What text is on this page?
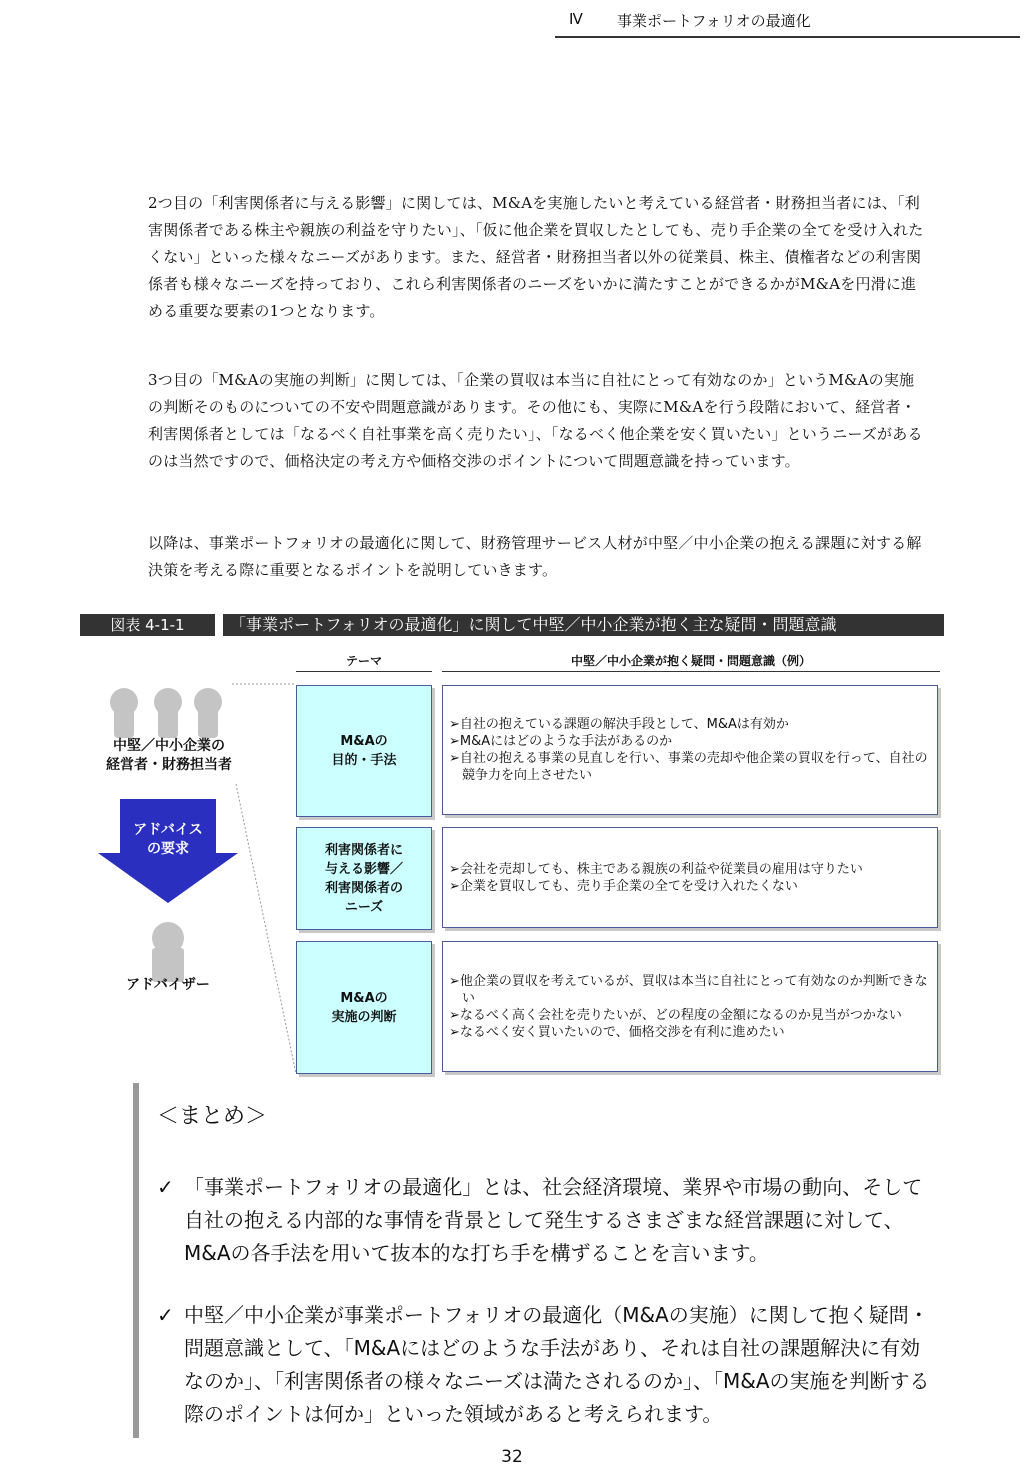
Ⅳ 事業ポートフォリオの最適化

2つ目の「利害関係者に与える影響」に関しては、M&Aを実施したいと考えている経営者・財務担当者には、「利害関係者である株主や親族の利益を守りたい」、「仮に他企業を買収したとしても、売り手企業の全てを受け入れたくない」といった様々なニーズがあります。また、経営者・財務担当者以外の従業員、株主、債権者などの利害関係者も様々なニーズを持っており、これら利害関係者のニーズをいかに満たすことができるかがM&Aを円滑に進める重要な要素の1つとなります。

3つ目の「M&Aの実施の判断」に関しては、「企業の買収は本当に自社にとって有効なのか」というM&Aの実施の判断そのものについての不安や問題意識があります。その他にも、実際にM&Aを行う段階において、経営者・利害関係者としては「なるべく自社事業を高く売りたい」、「なるべく他企業を安く買いたい」というニーズがあるのは当然ですので、価格決定の考え方や価格交渉のポイントについて問題意識を持っています。

以降は、事業ポートフォリオの最適化に関して、財務管理サービス人材が中堅／中小企業の抱える課題に対する解決策を考える際に重要となるポイントを説明していきます。

図表 4-1-1	「事業ポートフォリオの最適化」に関して中堅／中小企業が抱く主な疑問・問題意識
テーマ	中堅／中小企業が抱く疑問・問題意識（例）
中堅／中小企業の
経営者・財務担当者
アドバイス
の要求
アドバイザー
M&Aの
目的・手法
➢自社の抱えている課題の解決手段として、M&Aは有効か
➢M&Aにはどのような手法があるのか
➢自社の抱える事業の見直しを行い、事業の売却や他企業の買収を行って、自社の競争力を向上させたい
利害関係者に
与える影響／
利害関係者の
ニーズ
➢会社を売却しても、株主である親族の利益や従業員の雇用は守りたい
➢企業を買収しても、売り手企業の全てを受け入れたくない
M&Aの
実施の判断
➢他企業の買収を考えているが、買収は本当に自社にとって有効なのか判断できない
➢なるべく高く会社を売りたいが、どの程度の金額になるのか見当がつかない
➢なるべく安く買いたいので、価格交渉を有利に進めたい
＜まとめ＞
✓ 「事業ポートフォリオの最適化」とは、社会経済環境、業界や市場の動向、そして自社の抱える内部的な事情を背景として発生するさまざまな経営課題に対して、M&Aの各手法を用いて抜本的な打ち手を構ずることを言います。
✓ 中堅／中小企業が事業ポートフォリオの最適化（M&Aの実施）に関して抱く疑問・問題意識として、「M&Aにはどのような手法があり、それは自社の課題解決に有効なのか」、「利害関係者の様々なニーズは満たされるのか」、「M&Aの実施を判断する際のポイントは何か」といった領域があると考えられます。
32
